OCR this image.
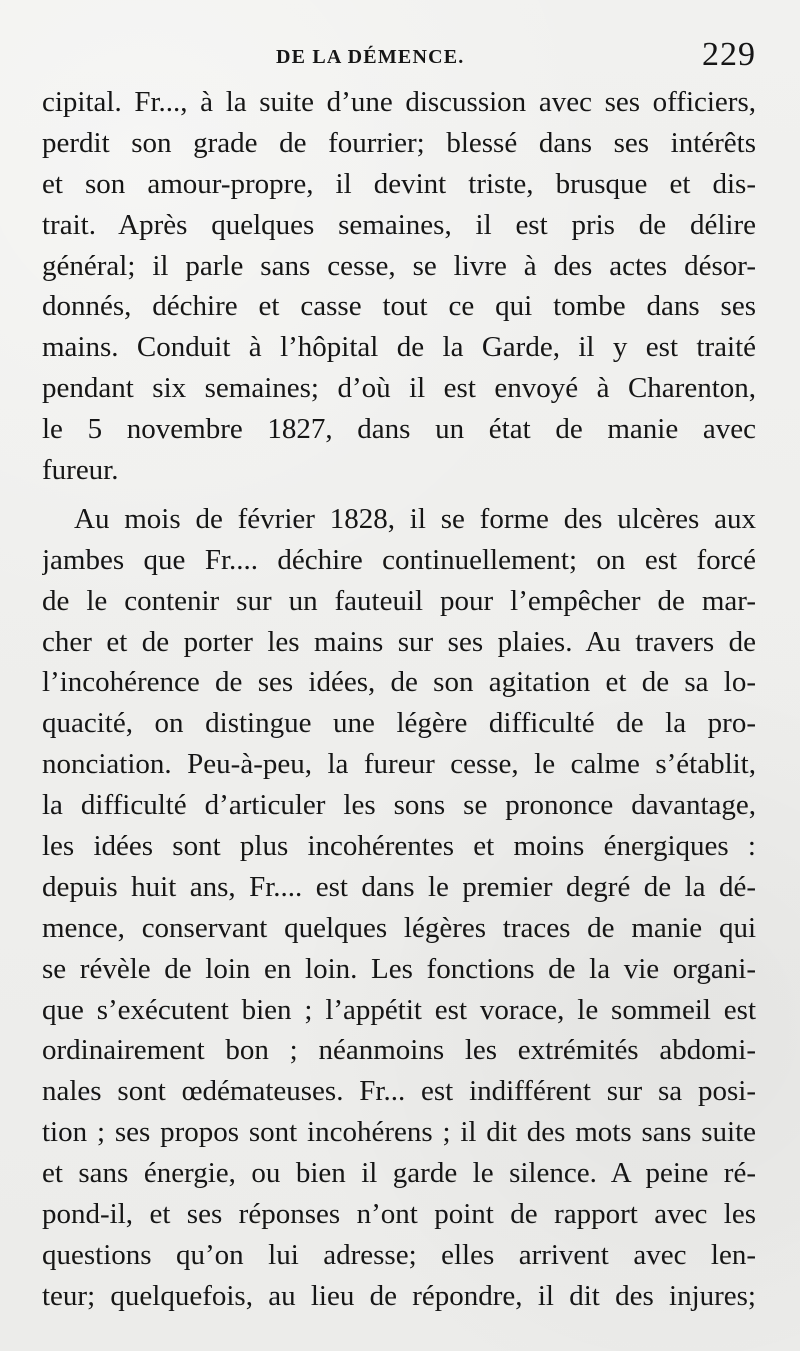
DE LA DÉMENCE.	229
cipital. Fr..., à la suite d’une discussion avec ses officiers,
perdit son grade de fourrier; blessé dans ses intérêts
et son amour-propre, il devint triste, brusque et dis-
trait. Après quelques semaines, il est pris de délire
général; il parle sans cesse, se livre à des actes désor-
donnés, déchire et casse tout ce qui tombe dans ses
mains. Conduit à l’hôpital de la Garde, il y est traité
pendant six semaines; d’où il est envoyé à Charenton,
le 5 novembre 1827, dans un état de manie avec
fureur.
Au mois de février 1828, il se forme des ulcères aux
jambes que Fr.... déchire continuellement; on est forcé
de le contenir sur un fauteuil pour l’empêcher de mar-
cher et de porter les mains sur ses plaies. Au travers de
l’incohérence de ses idées, de son agitation et de sa lo-
quacité, on distingue une légère difficulté de la pro-
nonciation. Peu-à-peu, la fureur cesse, le calme s’établit,
la difficulté d’articuler les sons se prononce davantage,
les idées sont plus incohérentes et moins énergiques :
depuis huit ans, Fr.... est dans le premier degré de la dé-
mence, conservant quelques légères traces de manie qui
se révèle de loin en loin. Les fonctions de la vie organi-
que s’exécutent bien ; l’appétit est vorace, le sommeil est
ordinairement bon ; néanmoins les extrémités abdomi-
nales sont œdémateuses. Fr... est indifférent sur sa posi-
tion ; ses propos sont incohérens ; il dit des mots sans suite
et sans énergie, ou bien il garde le silence. A peine ré-
pond-il, et ses réponses n’ont point de rapport avec les
questions qu’on lui adresse; elles arrivent avec len-
teur; quelquefois, au lieu de répondre, il dit des injures;
